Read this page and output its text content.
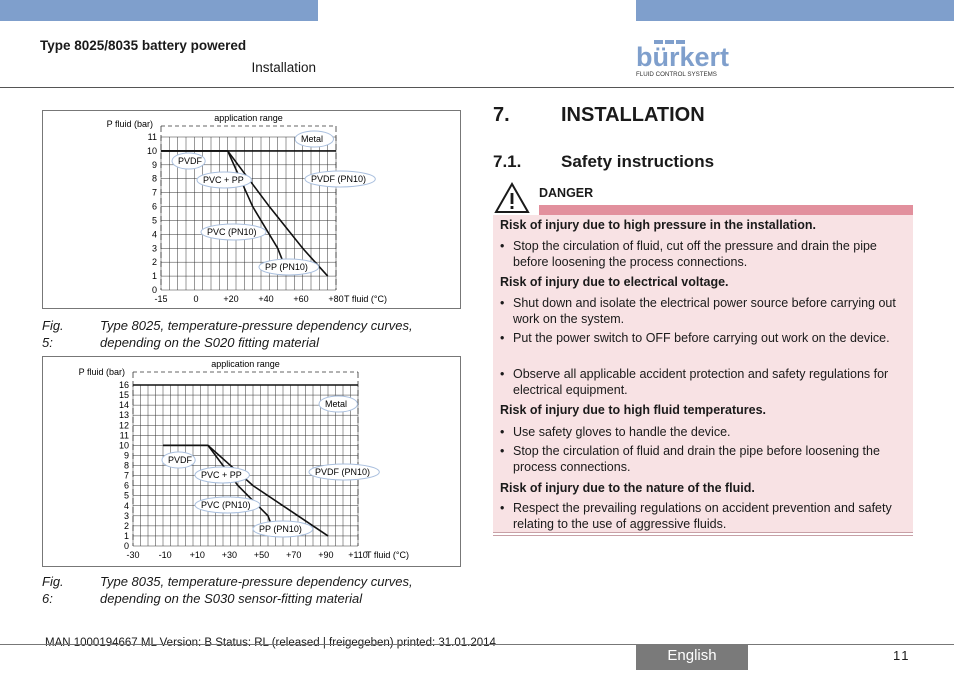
Type 8025/8035 battery powered
Installation	bürkert
FLUID CONTROL SYSTEMS
0
1
2
3
4
5
6
7
8
9
10
11
-15	0	+20 +40 +60 +80
P fluid (bar)
T fluid (°C)
application range
Metal
PVDF
PVC + PP	PVDF (PN10)
PVC (PN10)
PP (PN10)
Fig. 5:
Type 8025, temperature-pressure dependency curves, depending on the S020 fitting material
0
1
2
3
4
5
6
7
8
9
10
11
12
13
14
15
16
-30 -10 +10 +30 +50 +70 +90 +110
P fluid (bar)
T fluid (°C)
application range
Metal
PVDF
PVC + PP	PVDF (PN10)
PVC (PN10)
PP (PN10)
Fig. 6:
Type 8035, temperature-pressure dependency curves, depending on the S030 sensor-fitting material
7.	INSTALLATION
7.1. Safety instructions
DANGER
Risk of injury due to high pressure in the installation.
• Stop the circulation of fluid, cut off the pressure and drain the pipe before loosening the process connections.
Risk of injury due to electrical voltage.
• Shut down and isolate the electrical power source before carrying out work on the system.
• Put the power switch to OFF before carrying out work on the device.
• Observe all applicable accident protection and safety regulations for electrical equipment.
Risk of injury due to high fluid temperatures.
• Use safety gloves to handle the device.
• Stop the circulation of fluid and drain the pipe before loosening the process connections.
Risk of injury due to the nature of the fluid.
• Respect the prevailing regulations on accident prevention and safety relating to the use of aggressive fluids.
MAN 1000194667 ML Version: B Status: RL (released | freigegeben) printed: 31.01.2014
English	11
